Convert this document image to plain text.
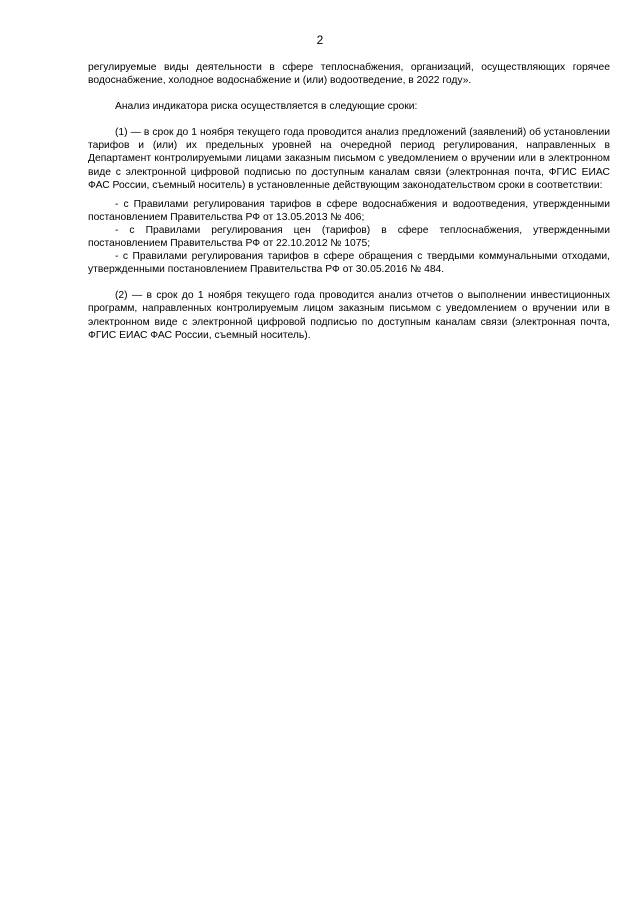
2

регулируемые виды деятельности в сфере теплоснабжения, организаций, осуществляющих горячее водоснабжение, холодное водоснабжение и (или) водоотведение, в 2022 году».

Анализ индикатора риска осуществляется в следующие сроки:

(1) — в срок до 1 ноября текущего года проводится анализ предложений (заявлений) об установлении тарифов и (или) их предельных уровней на очередной период регулирования, направленных в Департамент контролируемыми лицами заказным письмом с уведомлением о вручении или в электронном виде с электронной цифровой подписью по доступным каналам связи (электронная почта, ФГИС ЕИАС ФАС России, съемный носитель) в установленные действующим законодательством сроки в соответствии:

- с Правилами регулирования тарифов в сфере водоснабжения и водоотведения, утвержденными постановлением Правительства РФ от 13.05.2013 № 406;

- с Правилами регулирования цен (тарифов) в сфере теплоснабжения, утвержденными постановлением Правительства РФ от 22.10.2012 № 1075;

- с Правилами регулирования тарифов в сфере обращения с твердыми коммунальными отходами, утвержденными постановлением Правительства РФ от 30.05.2016 № 484.

(2) — в срок до 1 ноября текущего года проводится анализ отчетов о выполнении инвестиционных программ, направленных контролируемым лицом заказным письмом с уведомлением о вручении или в электронном виде с электронной цифровой подписью по доступным каналам связи (электронная почта, ФГИС ЕИАС ФАС России, съемный носитель).
